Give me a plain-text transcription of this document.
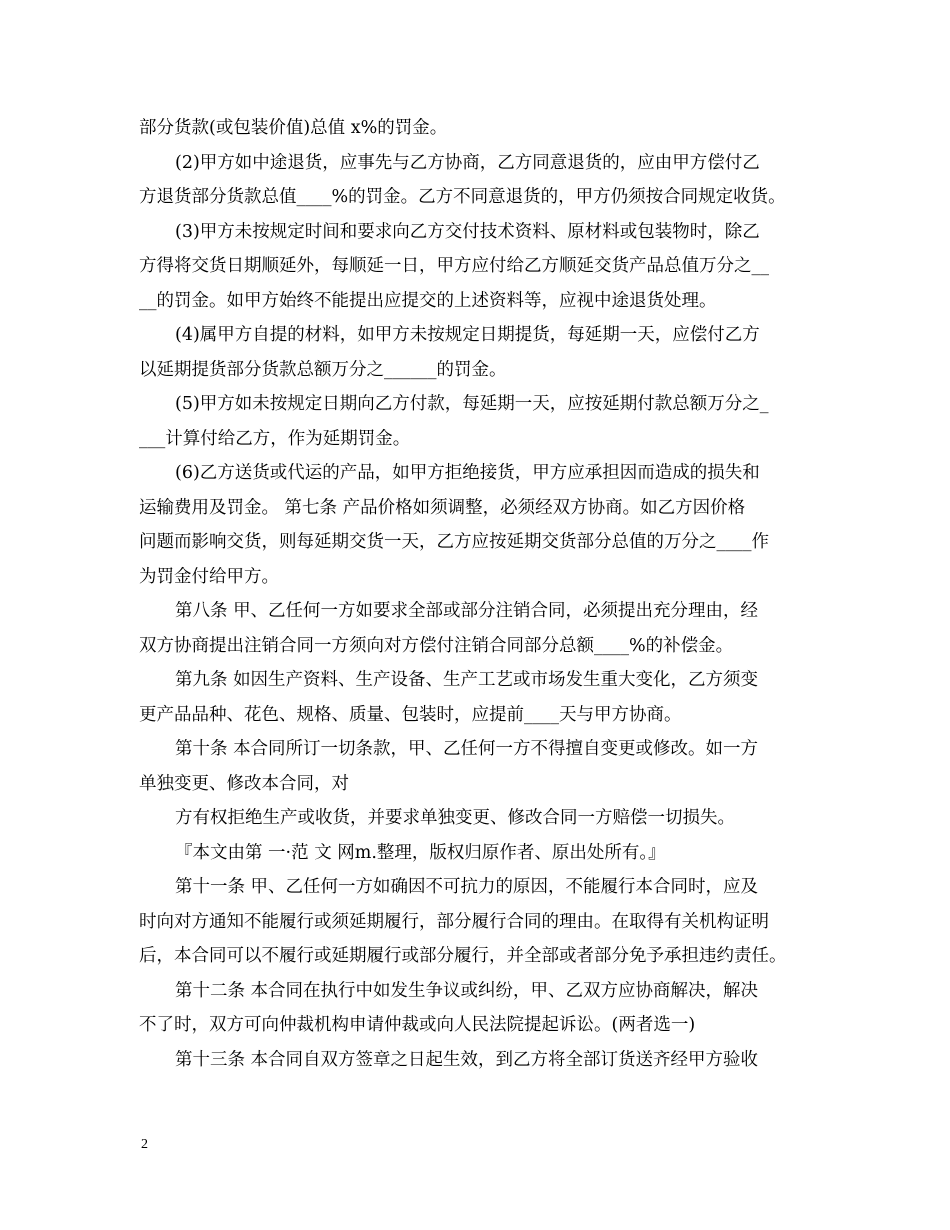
部分货款(或包装价值)总值 x%的罚金。
(2)甲方如中途退货，应事先与乙方协商，乙方同意退货的，应由甲方偿付乙
方退货部分货款总值____%的罚金。乙方不同意退货的，甲方仍须按合同规定收货。
(3)甲方未按规定时间和要求向乙方交付技术资料、原材料或包装物时，除乙
方得将交货日期顺延外，每顺延一日，甲方应付给乙方顺延交货产品总值万分之__
__的罚金。如甲方始终不能提出应提交的上述资料等，应视中途退货处理。
(4)属甲方自提的材料，如甲方未按规定日期提货，每延期一天，应偿付乙方
以延期提货部分货款总额万分之______的罚金。
(5)甲方如未按规定日期向乙方付款，每延期一天，应按延期付款总额万分之_
___计算付给乙方，作为延期罚金。
(6)乙方送货或代运的产品，如甲方拒绝接货，甲方应承担因而造成的损失和
运输费用及罚金。 第七条 产品价格如须调整，必须经双方协商。如乙方因价格
问题而影响交货，则每延期交货一天，乙方应按延期交货部分总值的万分之____作
为罚金付给甲方。
第八条 甲、乙任何一方如要求全部或部分注销合同，必须提出充分理由，经
双方协商提出注销合同一方须向对方偿付注销合同部分总额____%的补偿金。
第九条 如因生产资料、生产设备、生产工艺或市场发生重大变化，乙方须变
更产品品种、花色、规格、质量、包装时，应提前____天与甲方协商。
第十条 本合同所订一切条款，甲、乙任何一方不得擅自变更或修改。如一方
单独变更、修改本合同，对
方有权拒绝生产或收货，并要求单独变更、修改合同一方赔偿一切损失。
『本文由第 一·范 文 网m.整理，版权归原作者、原出处所有。』
第十一条 甲、乙任何一方如确因不可抗力的原因，不能履行本合同时，应及
时向对方通知不能履行或须延期履行，部分履行合同的理由。在取得有关机构证明
后，本合同可以不履行或延期履行或部分履行，并全部或者部分免予承担违约责任。
第十二条 本合同在执行中如发生争议或纠纷，甲、乙双方应协商解决，解决
不了时，双方可向仲裁机构申请仲裁或向人民法院提起诉讼。(两者选一)
第十三条 本合同自双方签章之日起生效，到乙方将全部订货送齐经甲方验收
2
